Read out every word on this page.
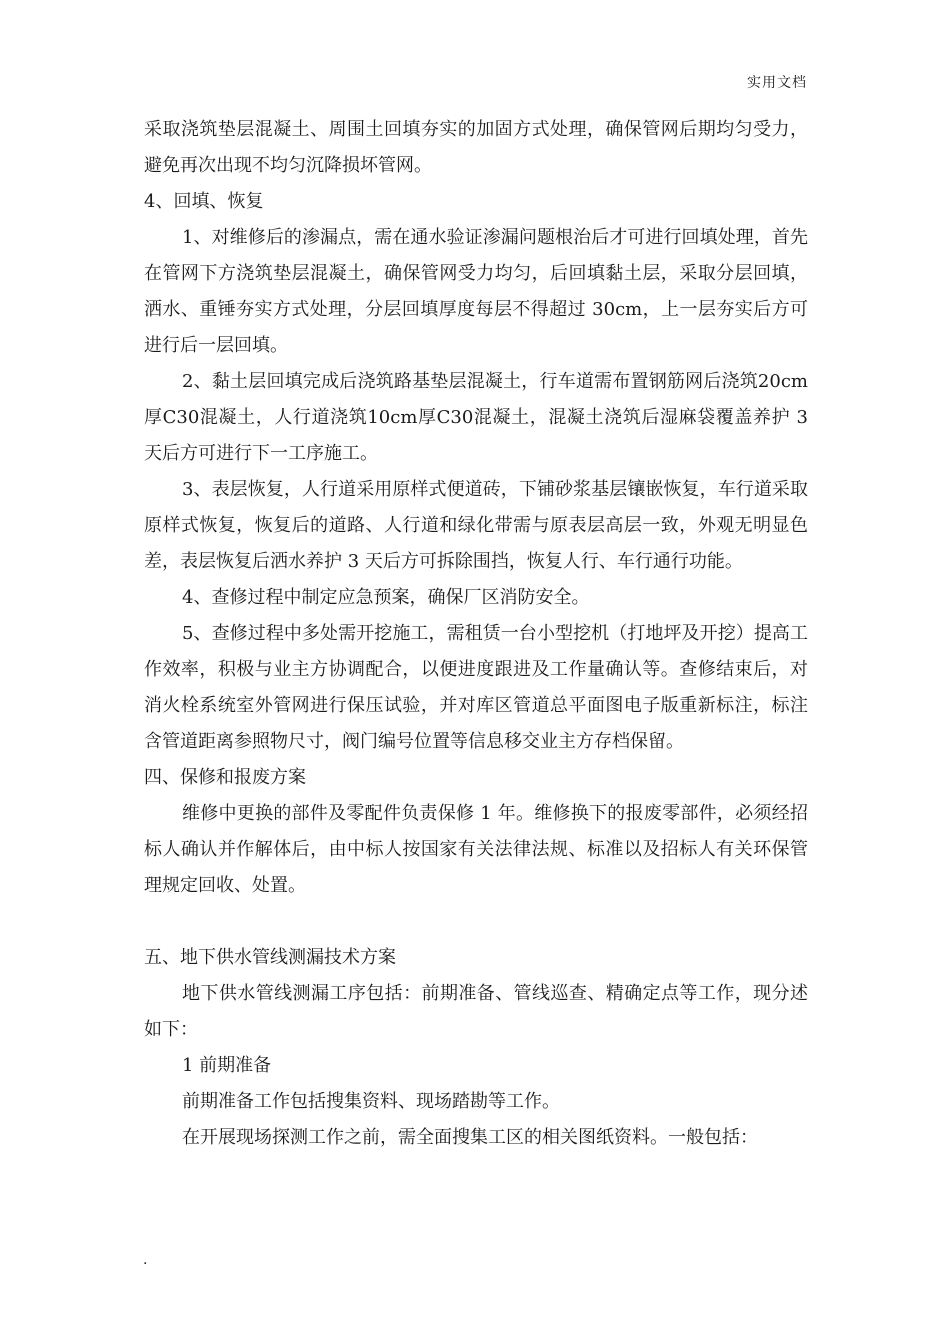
实用文档

采取浇筑垫层混凝土、周围土回填夯实的加固方式处理，确保管网后期均匀受力，避免再次出现不均匀沉降损坏管网。

4、回填、恢复

1、对维修后的渗漏点，需在通水验证渗漏问题根治后才可进行回填处理，首先在管网下方浇筑垫层混凝土，确保管网受力均匀，后回填黏土层，采取分层回填，洒水、重锤夯实方式处理，分层回填厚度每层不得超过 30cm，上一层夯实后方可进行后一层回填。

2、黏土层回填完成后浇筑路基垫层混凝土，行车道需布置钢筋网后浇筑20cm厚C30混凝土，人行道浇筑10cm厚C30混凝土，混凝土浇筑后湿麻袋覆盖养护 3 天后方可进行下一工序施工。

3、表层恢复，人行道采用原样式便道砖，下铺砂浆基层镶嵌恢复，车行道采取原样式恢复，恢复后的道路、人行道和绿化带需与原表层高层一致，外观无明显色差，表层恢复后洒水养护 3 天后方可拆除围挡，恢复人行、车行通行功能。

4、查修过程中制定应急预案，确保厂区消防安全。

5、查修过程中多处需开挖施工，需租赁一台小型挖机（打地坪及开挖）提高工作效率，积极与业主方协调配合，以便进度跟进及工作量确认等。查修结束后，对消火栓系统室外管网进行保压试验，并对库区管道总平面图电子版重新标注，标注含管道距离参照物尺寸，阀门编号位置等信息移交业主方存档保留。

四、保修和报废方案

维修中更换的部件及零配件负责保修 1 年。维修换下的报废零部件，必须经招标人确认并作解体后，由中标人按国家有关法律法规、标准以及招标人有关环保管理规定回收、处置。

五、地下供水管线测漏技术方案

地下供水管线测漏工序包括：前期准备、管线巡查、精确定点等工作，现分述如下：

1 前期准备

前期准备工作包括搜集资料、现场踏勘等工作。

在开展现场探测工作之前，需全面搜集工区的相关图纸资料。一般包括：

.
